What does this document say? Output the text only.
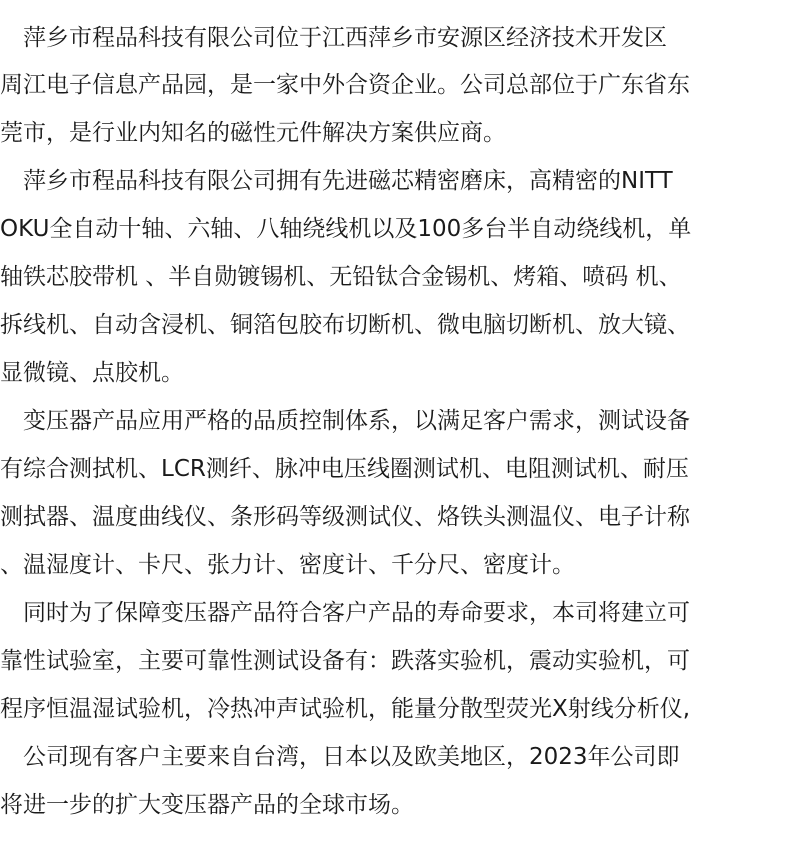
　萍乡市程品科技有限公司位于江西萍乡市安源区经济技术开发区
周江电子信息产品园，是一家中外合资企业。公司总部位于广东省东
莞市，是行业内知名的磁性元件解决方案供应商。
　萍乡市程品科技有限公司拥有先进磁芯精密磨床，高精密的NITT
OKU全自动十轴、六轴、八轴绕线机以及100多台半自动绕线机，单
轴铁芯胶带机 、半自勋镀锡机、无铅钛合金锡机、烤箱、喷码 机、
拆线机、自动含浸机、铜箔包胶布切断机、微电脑切断机、放大镜、
显微镜、点胶机。
　变压器产品应用严格的品质控制体系，以满足客户需求，测试设备
有综合测拭机、LCR测纤、脉冲电压线圈测试机、电阻测试机、耐压
测拭器、温度曲线仪、条形码等级测试仪、烙铁头测温仪、电子计称
、温湿度计、卡尺、张力计、密度计、千分尺、密度计。
　同时为了保障变压器产品符合客户产品的寿命要求，本司将建立可
靠性试验室，主要可靠性测试设备有：跌落实验机，震动实验机，可
程序恒温湿试验机，冷热冲声试验机，能量分散型荧光X射线分析仪,
　公司现有客户主要来自台湾，日本以及欧美地区，2023年公司即
将进一步的扩大变压器产品的全球市场。
